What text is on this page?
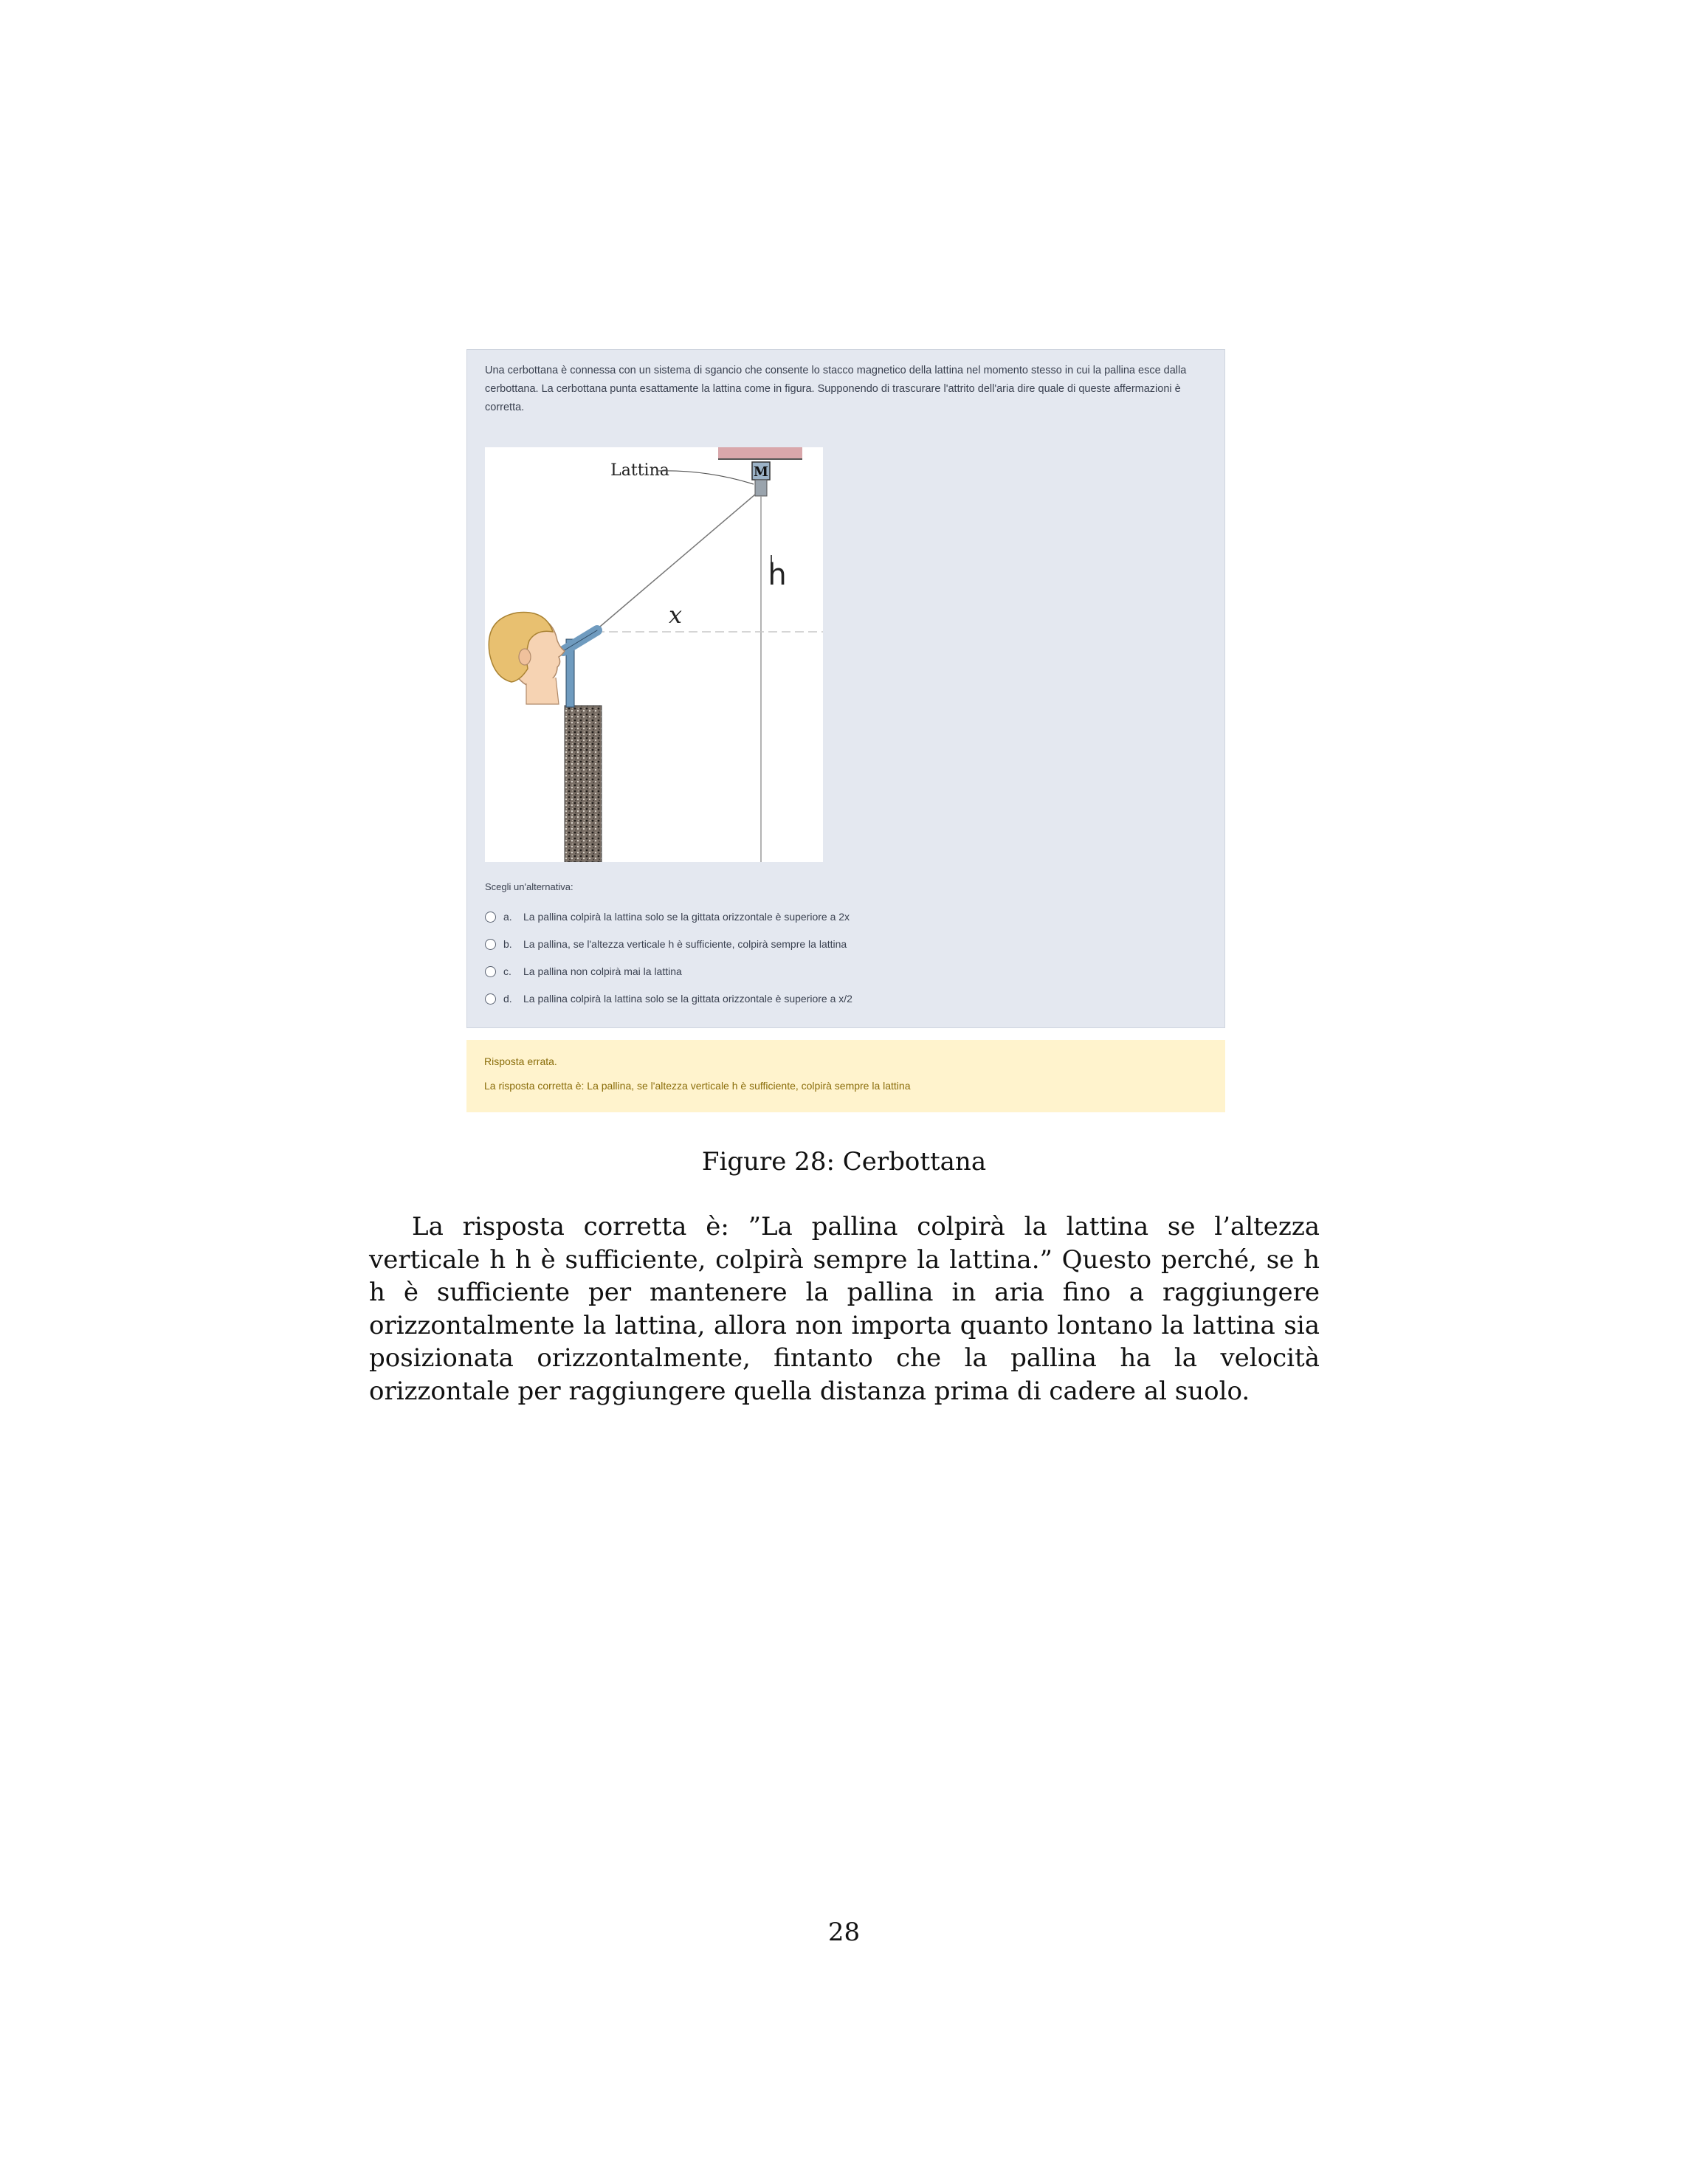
Una cerbottana è connessa con un sistema di sgancio che consente lo stacco magnetico della lattina nel momento stesso in cui la pallina esce dalla cerbottana. La cerbottana punta esattamente la lattina come in figura. Supponendo di trascurare l'attrito dell'aria dire quale di queste affermazioni è corretta.
M
Lattina
h
x
Scegli un'alternativa:
a.	La pallina colpirà la lattina solo se la gittata orizzontale è superiore a 2x
b.	La pallina, se l'altezza verticale h è sufficiente, colpirà sempre la lattina
c.	La pallina non colpirà mai la lattina
d.	La pallina colpirà la lattina solo se la gittata orizzontale è superiore a x/2
Risposta errata.
La risposta corretta è: La pallina, se l'altezza verticale h è sufficiente, colpirà sempre la lattina
Figure 28: Cerbottana
La risposta corretta è: ”La pallina colpirà la lattina se l’altezza verticale h h è sufficiente, colpirà sempre la lattina.” Questo perché, se h h è sufficiente per mantenere la pallina in aria fino a raggiungere orizzontalmente la lattina, allora non importa quanto lontano la lattina sia posizionata orizzontalmente, fintanto che la pallina ha la velocità orizzontale per raggiungere quella distanza prima di cadere al suolo.
28
